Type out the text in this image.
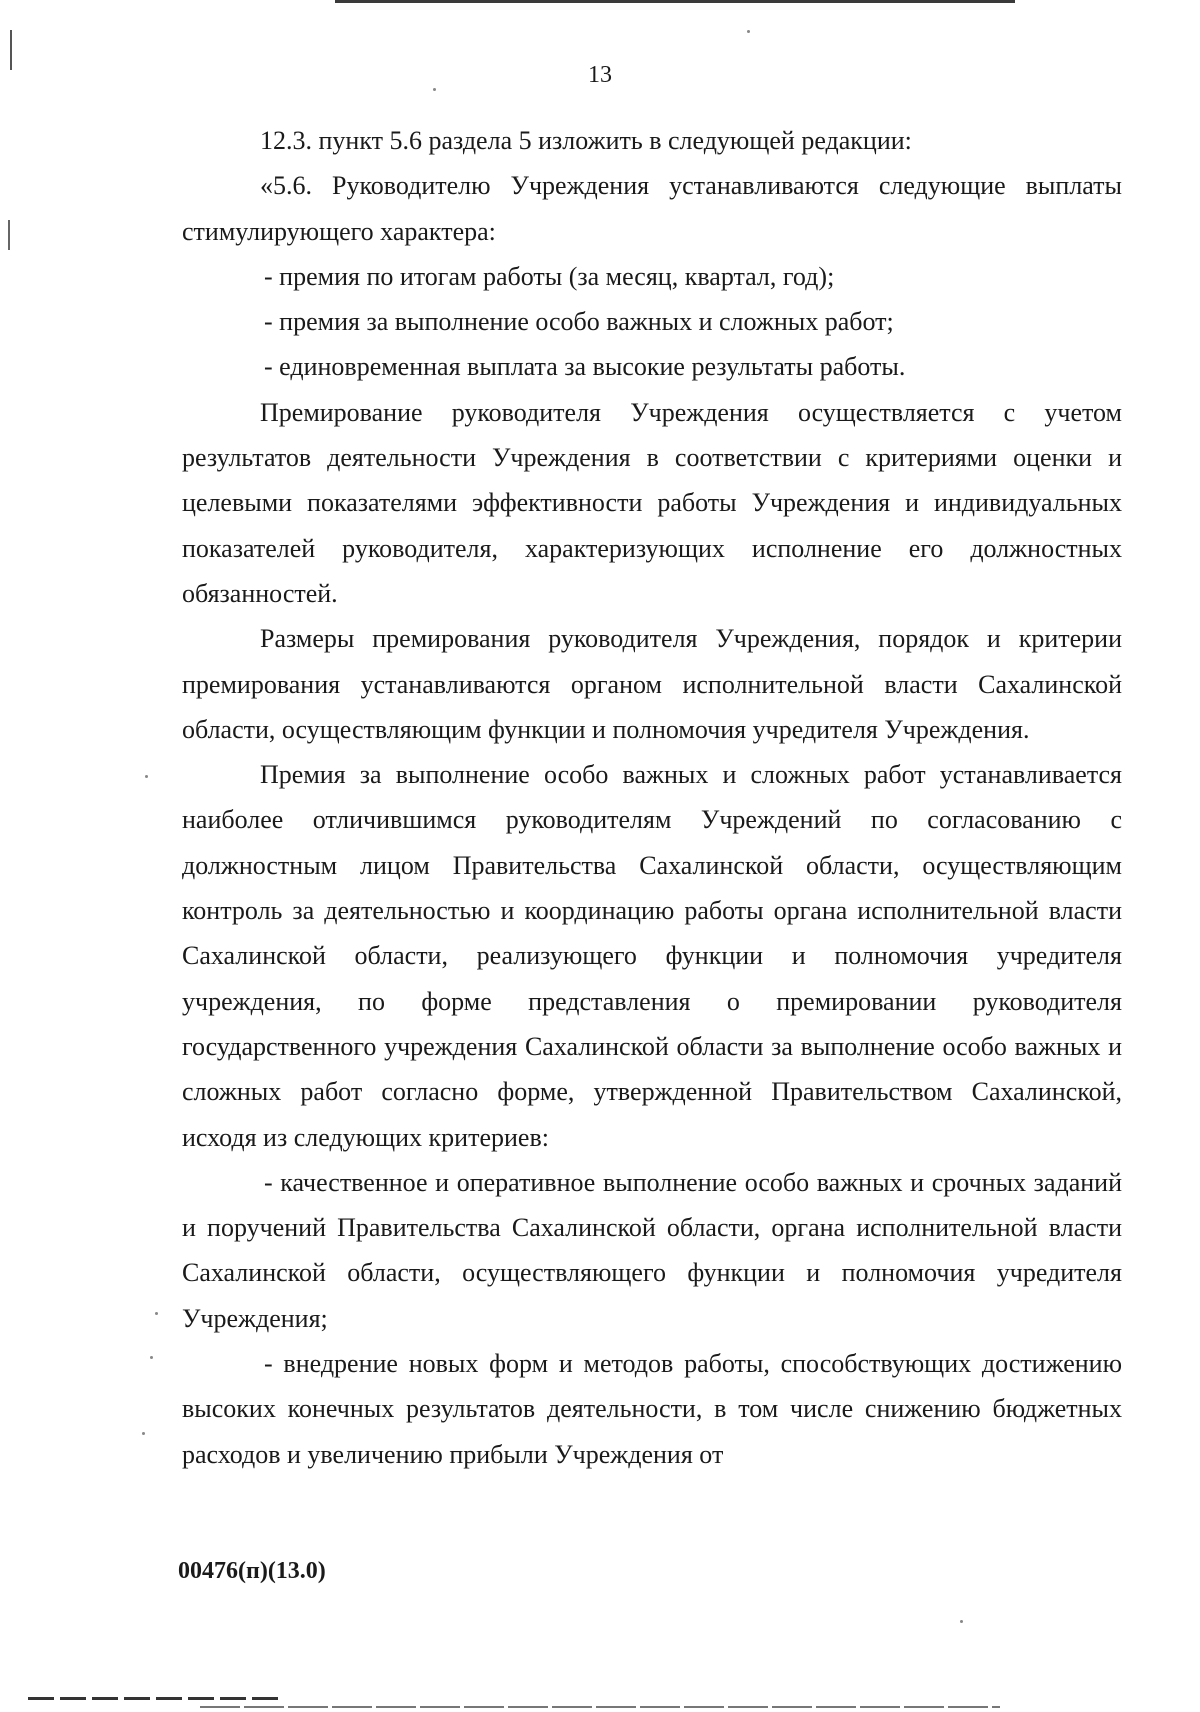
13

12.3. пункт 5.6 раздела 5 изложить в следующей редакции:

«5.6. Руководителю Учреждения устанавливаются следующие выплаты стимулирующего характера:

- премия по итогам работы (за месяц, квартал, год);

- премия за выполнение особо важных и сложных работ;

- единовременная выплата за высокие результаты работы.

Премирование руководителя Учреждения осуществляется с учетом результатов деятельности Учреждения в соответствии с критериями оценки и целевыми показателями эффективности работы Учреждения и индивидуальных показателей руководителя, характеризующих исполнение его должностных обязанностей.

Размеры премирования руководителя Учреждения, порядок и критерии премирования устанавливаются органом исполнительной власти Сахалинской области, осуществляющим функции и полномочия учредителя Учреждения.

Премия за выполнение особо важных и сложных работ устанавливается наиболее отличившимся руководителям Учреждений по согласованию с должностным лицом Правительства Сахалинской области, осуществляющим контроль за деятельностью и координацию работы органа исполнительной власти Сахалинской области, реализующего функции и полномочия учредителя учреждения, по форме представления о премировании руководителя государственного учреждения Сахалинской области за выполнение особо важных и сложных работ согласно форме, утвержденной Правительством Сахалинской, исходя из следующих критериев:

- качественное и оперативное выполнение особо важных и срочных заданий и поручений Правительства Сахалинской области, органа исполнительной власти Сахалинской области, осуществляющего функции и полномочия учредителя Учреждения;

- внедрение новых форм и методов работы, способствующих достижению высоких конечных результатов деятельности, в том числе снижению бюджетных расходов и увеличению прибыли Учреждения от

00476(п)(13.0)
